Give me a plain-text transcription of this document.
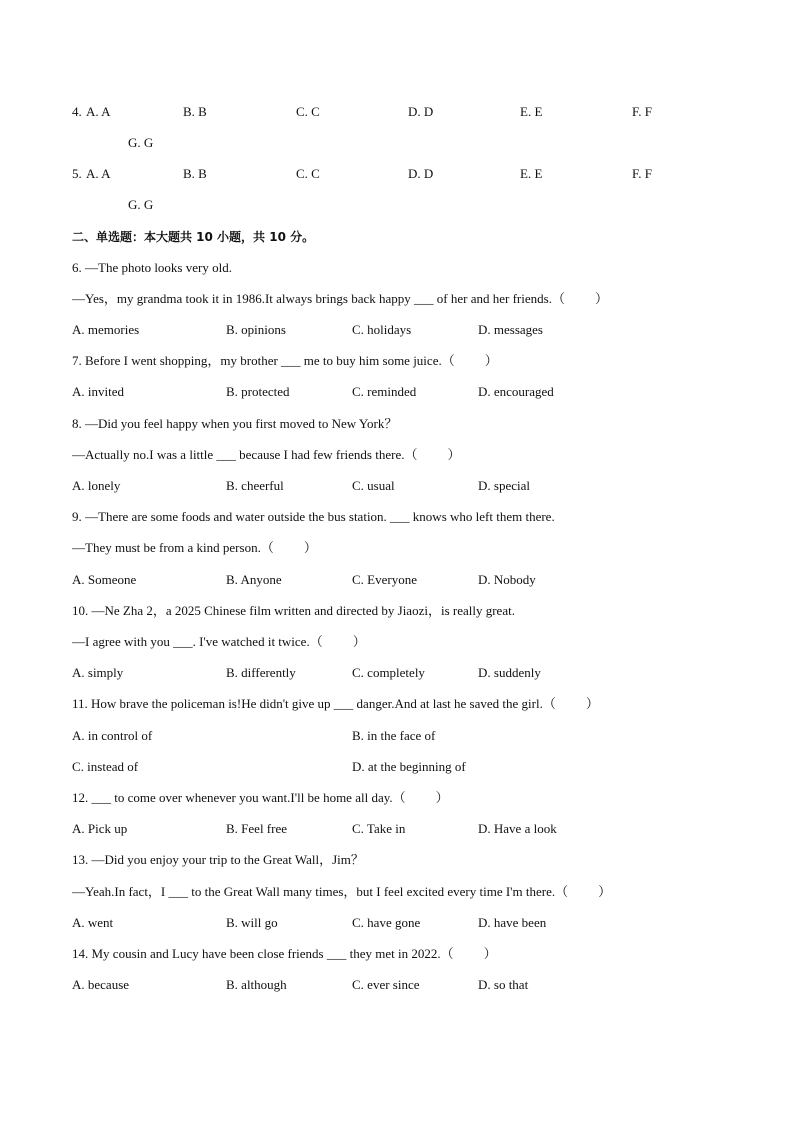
4. A. A	B. B	C. C	D. D	E. E	F. F
G. G
5. A. A	B. B	C. C	D. D	E. E	F. F
G. G
二、单选题：本大题共 10 小题，共 10 分。
6. —The photo looks very old.
—Yes，my grandma took it in 1986.It always brings back happy ___ of her and her friends.（ ）
A. memories	B. opinions	C. holidays	D. messages
7. Before I went shopping，my brother ___ me to buy him some juice.（ ）
A. invited	B. protected	C. reminded	D. encouraged
8. —Did you feel happy when you first moved to New York？
—Actually no.I was a little ___ because I had few friends there.（ ）
A. lonely	B. cheerful	C. usual	D. special
9. —There are some foods and water outside the bus station. ___ knows who left them there.
—They must be from a kind person.（ ）
A. Someone	B. Anyone	C. Everyone	D. Nobody
10. —Ne Zha 2，a 2025 Chinese film written and directed by Jiaozi，is really great.
—I agree with you ___. I've watched it twice.（ ）
A. simply	B. differently	C. completely	D. suddenly
11. How brave the policeman is!He didn't give up ___ danger.And at last he saved the girl.（ ）
A. in control of	B. in the face of
C. instead of	D. at the beginning of
12. ___ to come over whenever you want.I'll be home all day.（ ）
A. Pick up	B. Feel free	C. Take in	D. Have a look
13. —Did you enjoy your trip to the Great Wall，Jim？
—Yeah.In fact，I ___ to the Great Wall many times，but I feel excited every time I'm there.（ ）
A. went	B. will go	C. have gone	D. have been
14. My cousin and Lucy have been close friends ___ they met in 2022.（ ）
A. because	B. although	C. ever since	D. so that
